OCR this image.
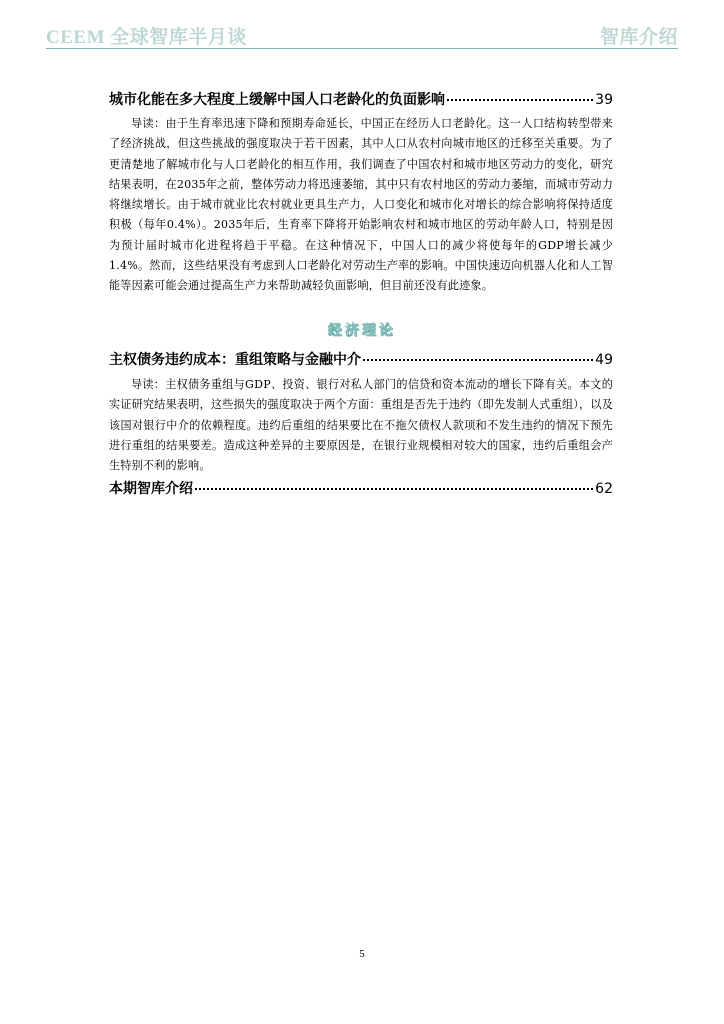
CEEM 全球智库半月谈	智库介绍
城市化能在多大程度上缓解中国人口老龄化的负面影响	39
导读：由于生育率迅速下降和预期寿命延长，中国正在经历人口老龄化。这一人口结构转型带来了经济挑战，但这些挑战的强度取决于若干因素，其中人口从农村向城市地区的迁移至关重要。为了更清楚地了解城市化与人口老龄化的相互作用，我们调查了中国农村和城市地区劳动力的变化，研究结果表明，在2035年之前，整体劳动力将迅速萎缩，其中只有农村地区的劳动力萎缩，而城市劳动力将继续增长。由于城市就业比农村就业更具生产力，人口变化和城市化对增长的综合影响将保持适度积极（每年0.4%）。2035年后，生育率下降将开始影响农村和城市地区的劳动年龄人口，特别是因为预计届时城市化进程将趋于平稳。在这种情况下，中国人口的减少将使每年的GDP增长减少1.4%。然而，这些结果没有考虑到人口老龄化对劳动生产率的影响。中国快速迈向机器人化和人工智能等因素可能会通过提高生产力来帮助减轻负面影响，但目前还没有此迹象。
经济理论
主权债务违约成本：重组策略与金融中介	49
导读：主权债务重组与GDP、投资、银行对私人部门的信贷和资本流动的增长下降有关。本文的实证研究结果表明，这些损失的强度取决于两个方面：重组是否先于违约（即先发制人式重组），以及该国对银行中介的依赖程度。违约后重组的结果要比在不拖欠债权人款项和不发生违约的情况下预先进行重组的结果要差。造成这种差异的主要原因是，在银行业规模相对较大的国家，违约后重组会产生特别不利的影响。
本期智库介绍	62
5
